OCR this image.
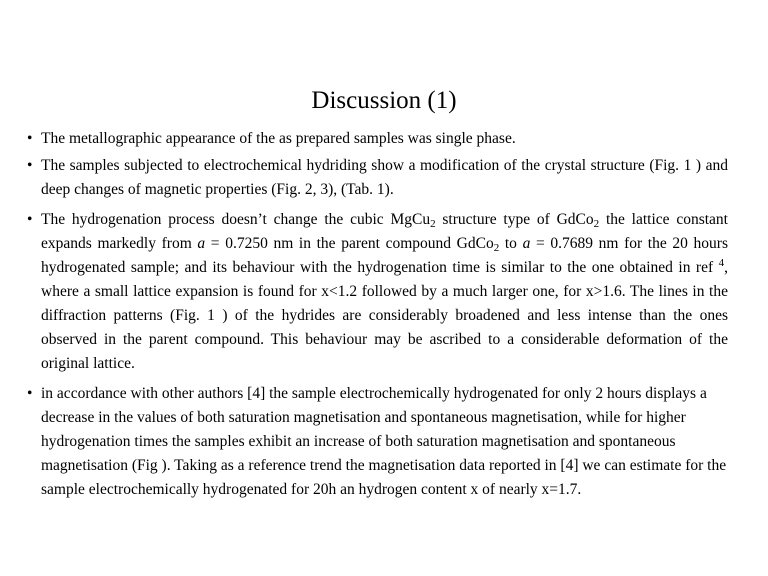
Discussion (1)
• The metallographic appearance of the as prepared samples was single phase.
• The samples subjected to electrochemical hydriding show a modification of the crystal structure (Fig. 1 ) and deep changes of magnetic properties (Fig. 2, 3), (Tab. 1).
• The hydrogenation process doesn’t change the cubic MgCu$_2$ structure type of GdCo$_2$ the lattice constant expands markedly from a = 0.7250 nm in the parent compound GdCo$_2$ to a = 0.7689 nm for the 20 hours hydrogenated sample; and its behaviour with the hydrogenation time is similar to the one obtained in ref $^4$, where a small lattice expansion is found for x<1.2 followed by a much larger one, for x>1.6. The lines in the diffraction patterns (Fig. 1 ) of the hydrides are considerably broadened and less intense than the ones observed in the parent compound. This behaviour may be ascribed to a considerable deformation of the original lattice.
• in accordance with other authors [4] the sample electrochemically hydrogenated for only 2 hours displays a decrease in the values of both saturation magnetisation and spontaneous magnetisation, while for higher hydrogenation times the samples exhibit an increase of both saturation magnetisation and spontaneous magnetisation (Fig ). Taking as a reference trend the magnetisation data reported in [4] we can estimate for the sample electrochemically hydrogenated for 20h an hydrogen content x of nearly x=1.7.
